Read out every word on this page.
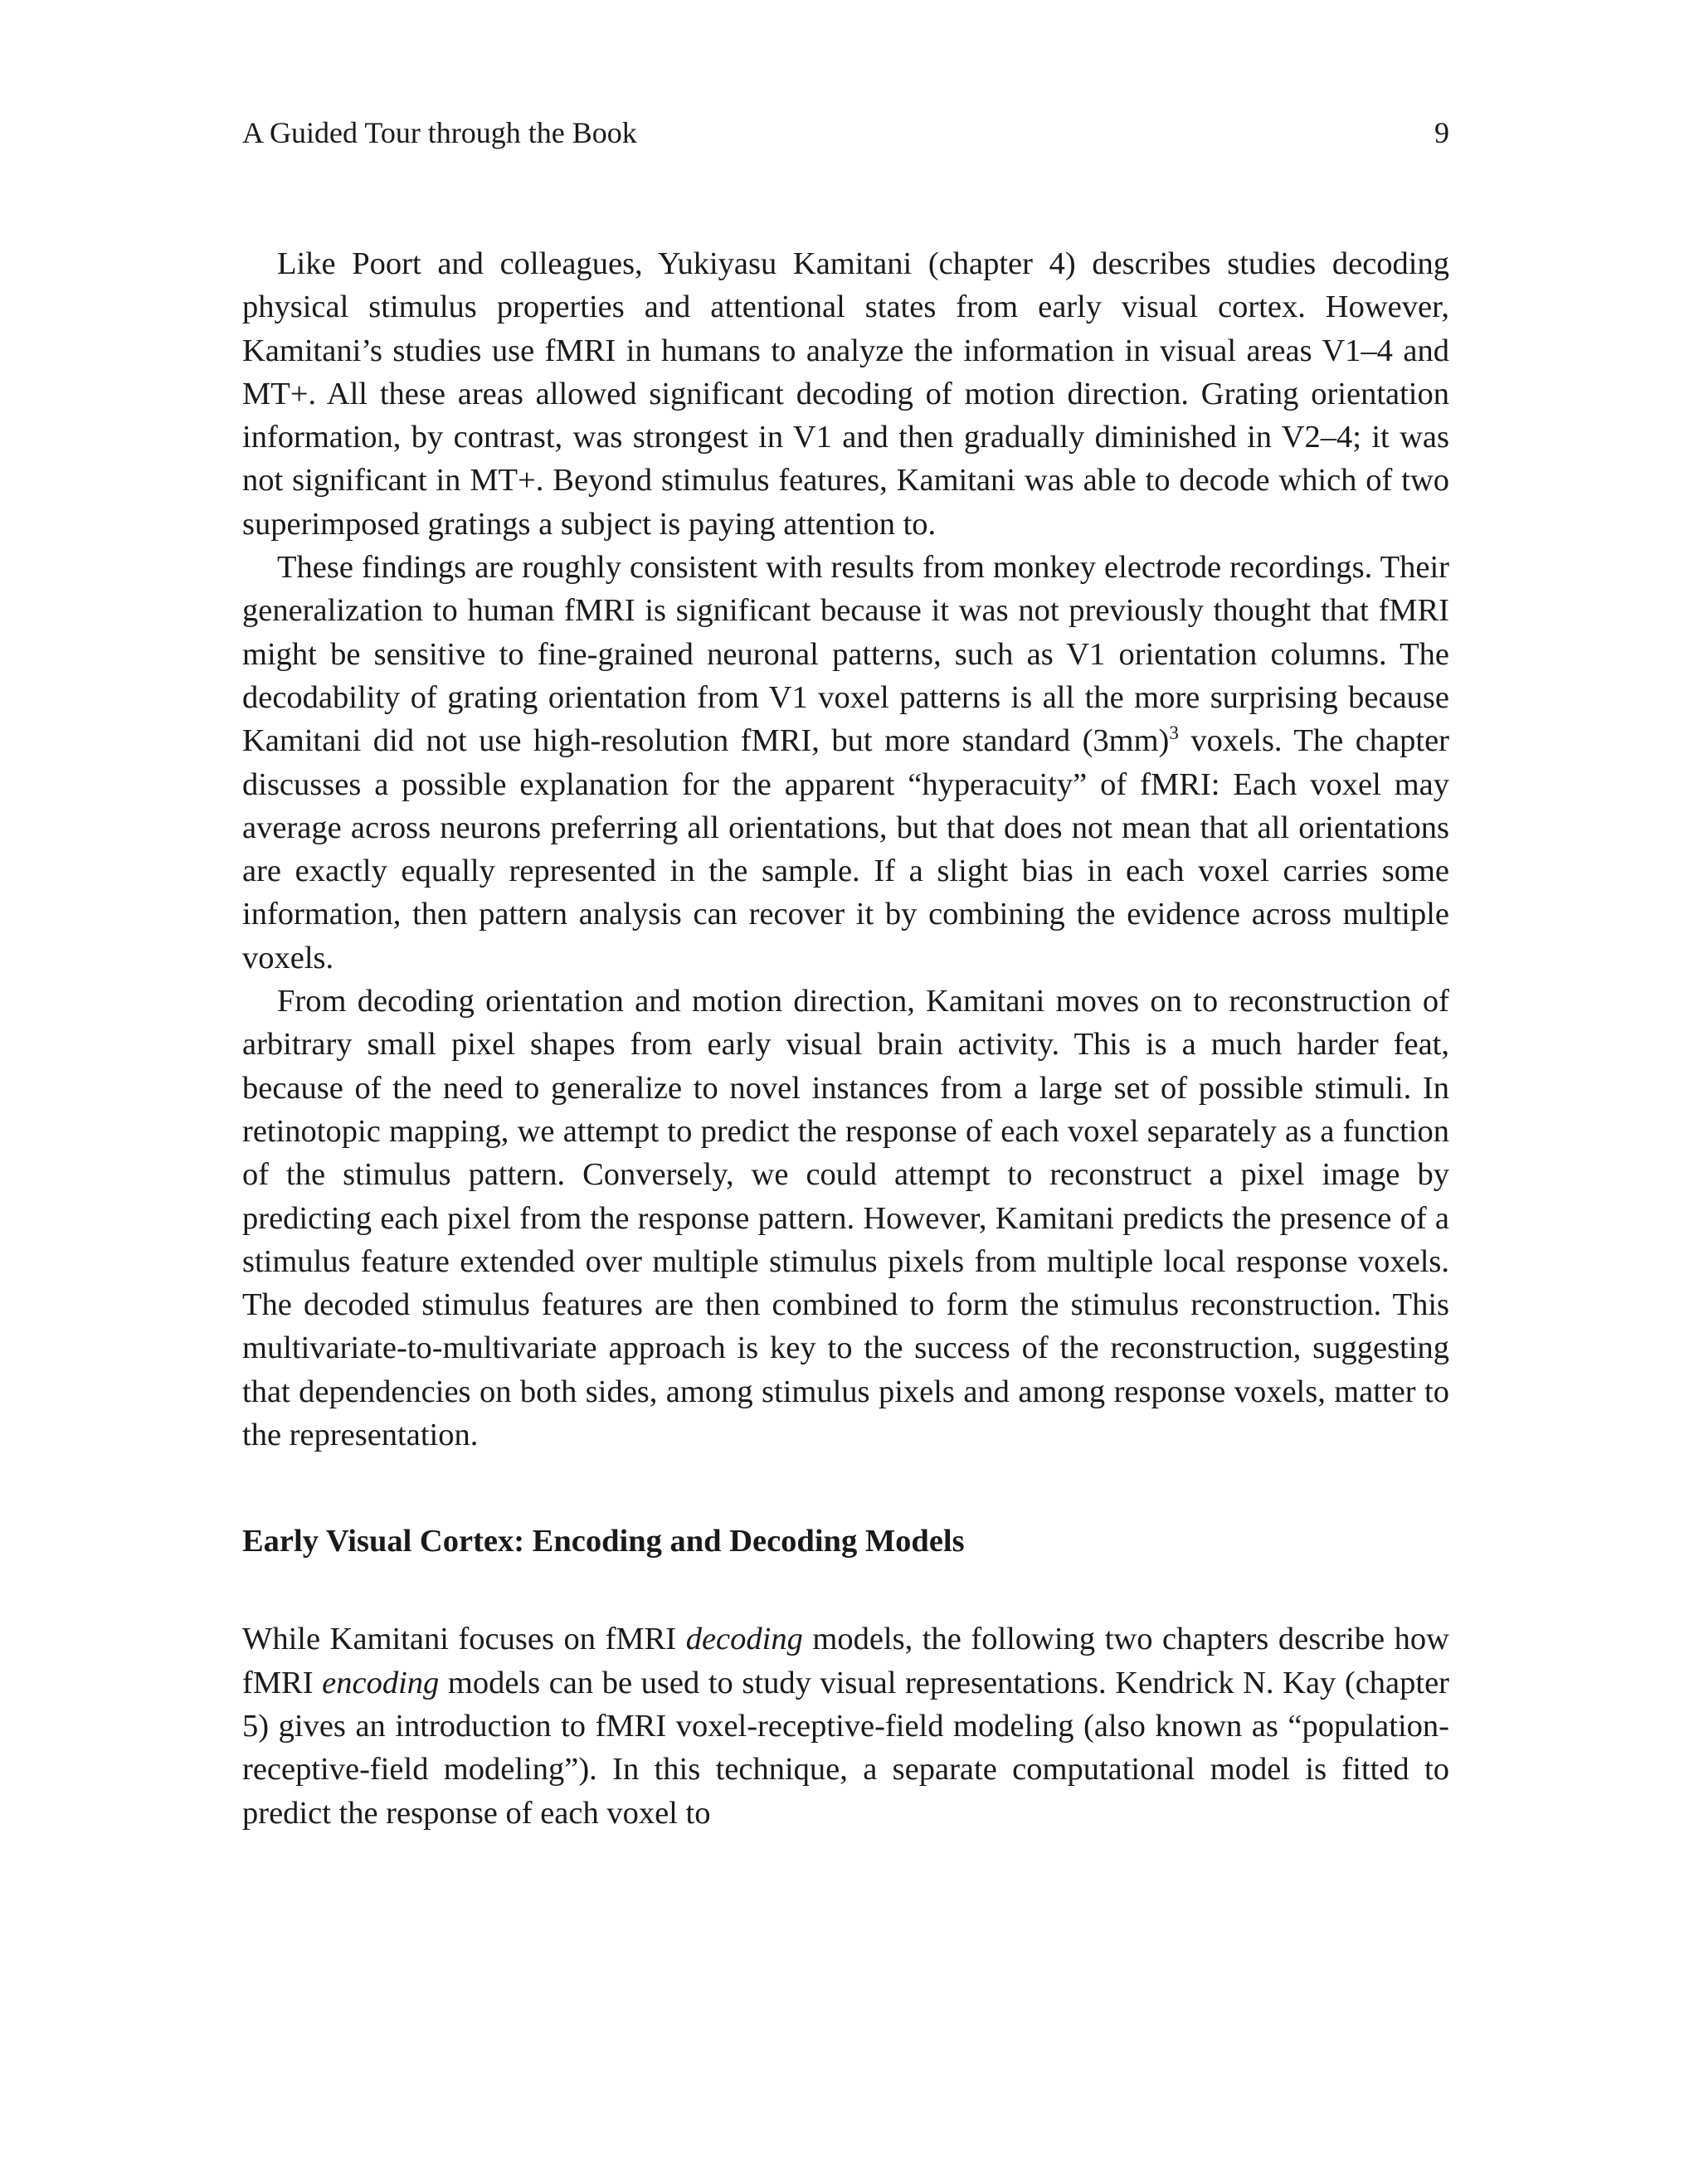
A Guided Tour through the Book	9

Like Poort and colleagues, Yukiyasu Kamitani (chapter 4) describes studies decoding physical stimulus properties and attentional states from early visual cortex. However, Kamitani’s studies use fMRI in humans to analyze the information in visual areas V1–4 and MT+. All these areas allowed significant decoding of motion direction. Grating orientation information, by contrast, was strongest in V1 and then gradually diminished in V2–4; it was not significant in MT+. Beyond stimulus features, Kamitani was able to decode which of two superimposed gratings a subject is paying attention to.

These findings are roughly consistent with results from monkey electrode recordings. Their generalization to human fMRI is significant because it was not previously thought that fMRI might be sensitive to fine-grained neuronal patterns, such as V1 orientation columns. The decodability of grating orientation from V1 voxel patterns is all the more surprising because Kamitani did not use high-resolution fMRI, but more standard $(3mm)^3$ voxels. The chapter discusses a possible explanation for the apparent “hyperacuity” of fMRI: Each voxel may average across neurons preferring all orientations, but that does not mean that all orientations are exactly equally represented in the sample. If a slight bias in each voxel carries some information, then pattern analysis can recover it by combining the evidence across multiple voxels.

From decoding orientation and motion direction, Kamitani moves on to reconstruction of arbitrary small pixel shapes from early visual brain activity. This is a much harder feat, because of the need to generalize to novel instances from a large set of possible stimuli. In retinotopic mapping, we attempt to predict the response of each voxel separately as a function of the stimulus pattern. Conversely, we could attempt to reconstruct a pixel image by predicting each pixel from the response pattern. However, Kamitani predicts the presence of a stimulus feature extended over multiple stimulus pixels from multiple local response voxels. The decoded stimulus features are then combined to form the stimulus reconstruction. This multivariate-to-multivariate approach is key to the success of the reconstruction, suggesting that dependencies on both sides, among stimulus pixels and among response voxels, matter to the representation.

Early Visual Cortex: Encoding and Decoding Models

While Kamitani focuses on fMRI decoding models, the following two chapters describe how fMRI encoding models can be used to study visual representations. Kendrick N. Kay (chapter 5) gives an introduction to fMRI voxel-receptive-field modeling (also known as “population-receptive-field modeling”). In this technique, a separate computational model is fitted to predict the response of each voxel to
